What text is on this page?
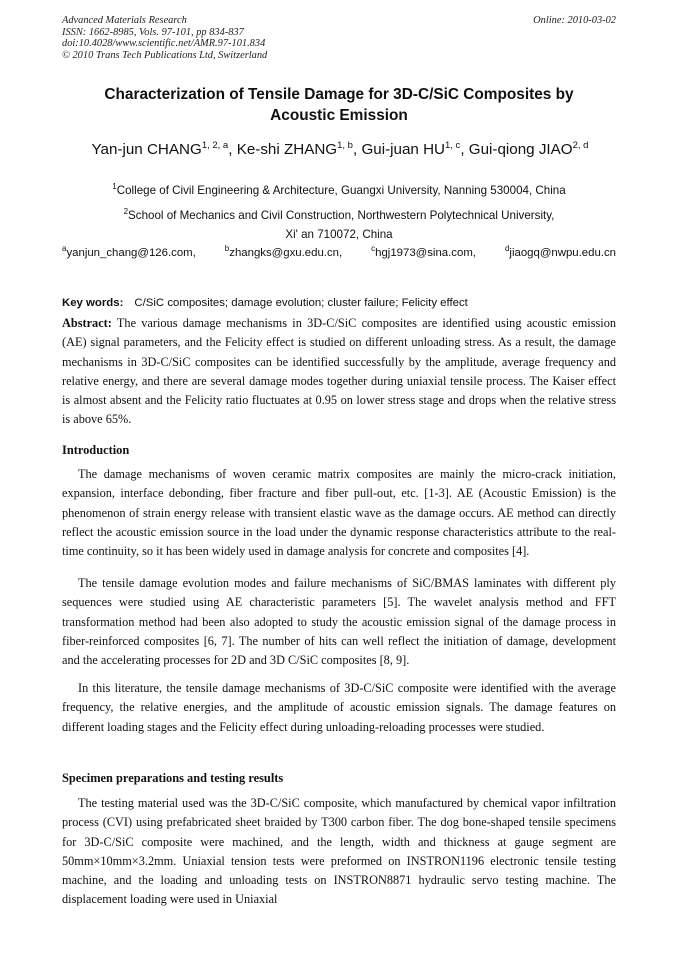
Advanced Materials Research
ISSN: 1662-8985, Vols. 97-101, pp 834-837
doi:10.4028/www.scientific.net/AMR.97-101.834
© 2010 Trans Tech Publications Ltd, Switzerland
Online: 2010-03-02
Characterization of Tensile Damage for 3D-C/SiC Composites by
Acoustic Emission
Yan-jun CHANG$^{1, 2, a}$, Ke-shi ZHANG$^{1, b}$, Gui-juan HU$^{1, c}$, Gui-qiong JIAO$^{2, d}$
$^1$College of Civil Engineering & Architecture, Guangxi University, Nanning 530004, China
$^2$School of Mechanics and Civil Construction, Northwestern Polytechnical University,
Xi' an 710072, China
$^a$yanjun_chang@126.com,	$^b$zhangks@gxu.edu.cn,	$^c$hgj1973@sina.com,	$^d$jiaogq@nwpu.edu.cn
Key words: C/SiC composites; damage evolution; cluster failure; Felicity effect
Abstract: The various damage mechanisms in 3D-C/SiC composites are identified using acoustic emission (AE) signal parameters, and the Felicity effect is studied on different unloading stress. As a result, the damage mechanisms in 3D-C/SiC composites can be identified successfully by the amplitude, average frequency and relative energy, and there are several damage modes together during uniaxial tensile process. The Kaiser effect is almost absent and the Felicity ratio fluctuates at 0.95 on lower stress stage and drops when the relative stress is above 65%.
Introduction
The damage mechanisms of woven ceramic matrix composites are mainly the micro-crack initiation, expansion, interface debonding, fiber fracture and fiber pull-out, etc. [1-3]. AE (Acoustic Emission) is the phenomenon of strain energy release with transient elastic wave as the damage occurs. AE method can directly reflect the acoustic emission source in the load under the dynamic response characteristics attribute to the real-time continuity, so it has been widely used in damage analysis for concrete and composites [4].
The tensile damage evolution modes and failure mechanisms of SiC/BMAS laminates with different ply sequences were studied using AE characteristic parameters [5]. The wavelet analysis method and FFT transformation method had been also adopted to study the acoustic emission signal of the damage process in fiber-reinforced composites [6, 7]. The number of hits can well reflect the initiation of damage, development and the accelerating processes for 2D and 3D C/SiC composites [8, 9].
In this literature, the tensile damage mechanisms of 3D-C/SiC composite were identified with the average frequency, the relative energies, and the amplitude of acoustic emission signals. The damage features on different loading stages and the Felicity effect during unloading-reloading processes were studied.
Specimen preparations and testing results
The testing material used was the 3D-C/SiC composite, which manufactured by chemical vapor infiltration process (CVI) using prefabricated sheet braided by T300 carbon fiber. The dog bone-shaped tensile specimens for 3D-C/SiC composite were machined, and the length, width and thickness at gauge segment are 50mm×10mm×3.2mm. Uniaxial tension tests were preformed on INSTRON1196 electronic tensile testing machine, and the loading and unloading tests on INSTRON8871 hydraulic servo testing machine. The displacement loading were used in Uniaxial
